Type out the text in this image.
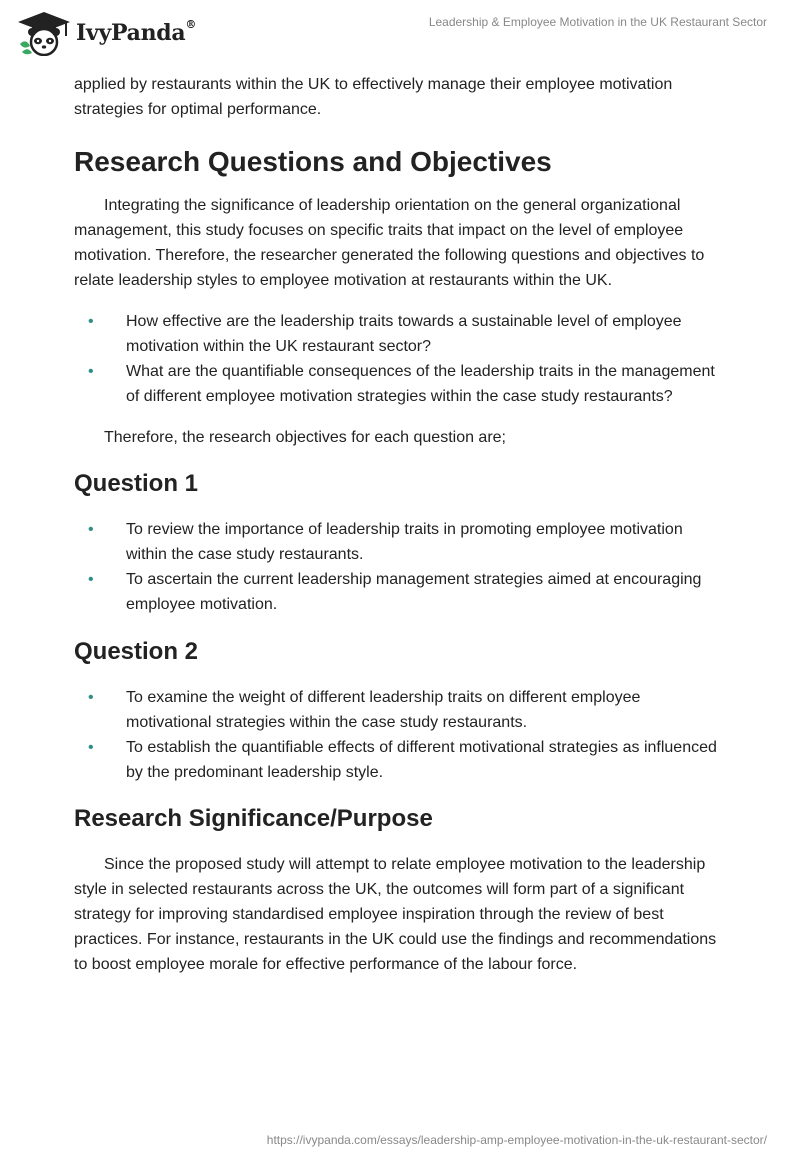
IvyPanda®	Leadership & Employee Motivation in the UK Restaurant Sector

applied by restaurants within the UK to effectively manage their employee motivation strategies for optimal performance.

Research Questions and Objectives

Integrating the significance of leadership orientation on the general organizational management, this study focuses on specific traits that impact on the level of employee motivation. Therefore, the researcher generated the following questions and objectives to relate leadership styles to employee motivation at restaurants within the UK.

• How effective are the leadership traits towards a sustainable level of employee motivation within the UK restaurant sector?
• What are the quantifiable consequences of the leadership traits in the management of different employee motivation strategies within the case study restaurants?

Therefore, the research objectives for each question are;

Question 1
• To review the importance of leadership traits in promoting employee motivation within the case study restaurants.
• To ascertain the current leadership management strategies aimed at encouraging employee motivation.
Question 2
• To examine the weight of different leadership traits on different employee motivational strategies within the case study restaurants.
• To establish the quantifiable effects of different motivational strategies as influenced by the predominant leadership style.
Research Significance/Purpose

Since the proposed study will attempt to relate employee motivation to the leadership style in selected restaurants across the UK, the outcomes will form part of a significant strategy for improving standardised employee inspiration through the review of best practices. For instance, restaurants in the UK could use the findings and recommendations to boost employee morale for effective performance of the labour force.

https://ivypanda.com/essays/leadership-amp-employee-motivation-in-the-uk-restaurant-sector/
